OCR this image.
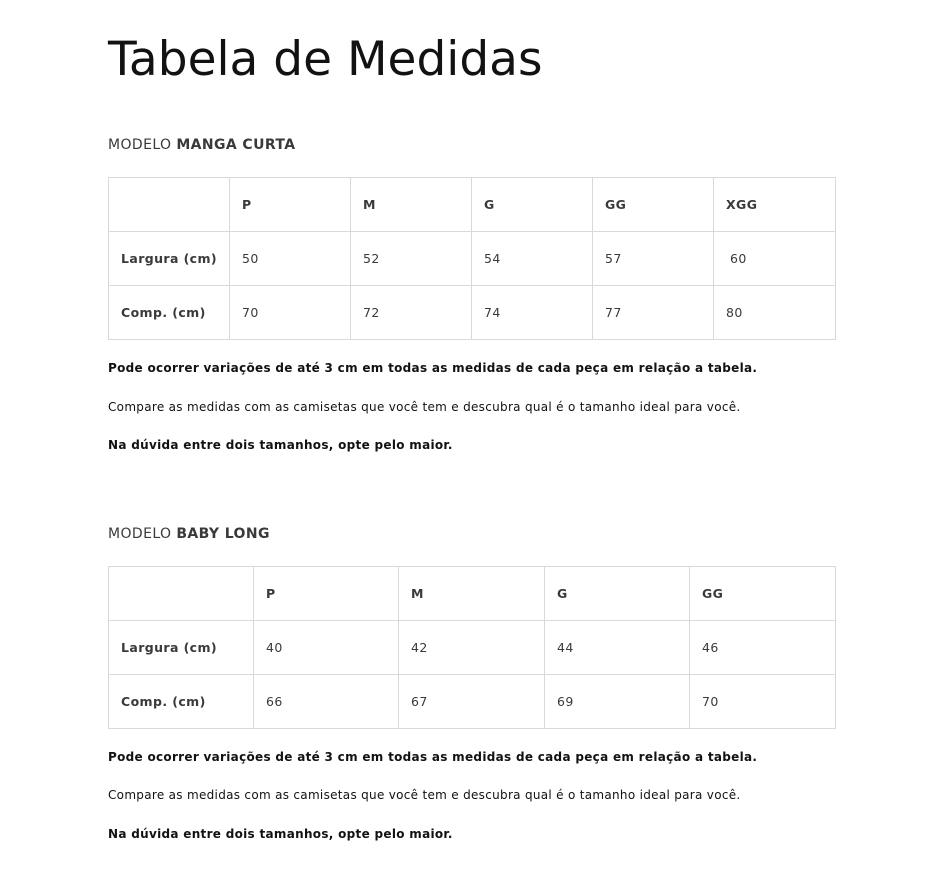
Tabela de Medidas
MODELO MANGA CURTA
	P	M	G	GG	XGG
Largura (cm)	50	52	54	57	60
Comp. (cm)	70	72	74	77	80
Pode ocorrer variações de até 3 cm em todas as medidas de cada peça em relação a tabela.
Compare as medidas com as camisetas que você tem e descubra qual é o tamanho ideal para você.
Na dúvida entre dois tamanhos, opte pelo maior.
MODELO BABY LONG
	P	M	G	GG
Largura (cm)	40	42	44	46
Comp. (cm)	66	67	69	70
Pode ocorrer variações de até 3 cm em todas as medidas de cada peça em relação a tabela.
Compare as medidas com as camisetas que você tem e descubra qual é o tamanho ideal para você.
Na dúvida entre dois tamanhos, opte pelo maior.
